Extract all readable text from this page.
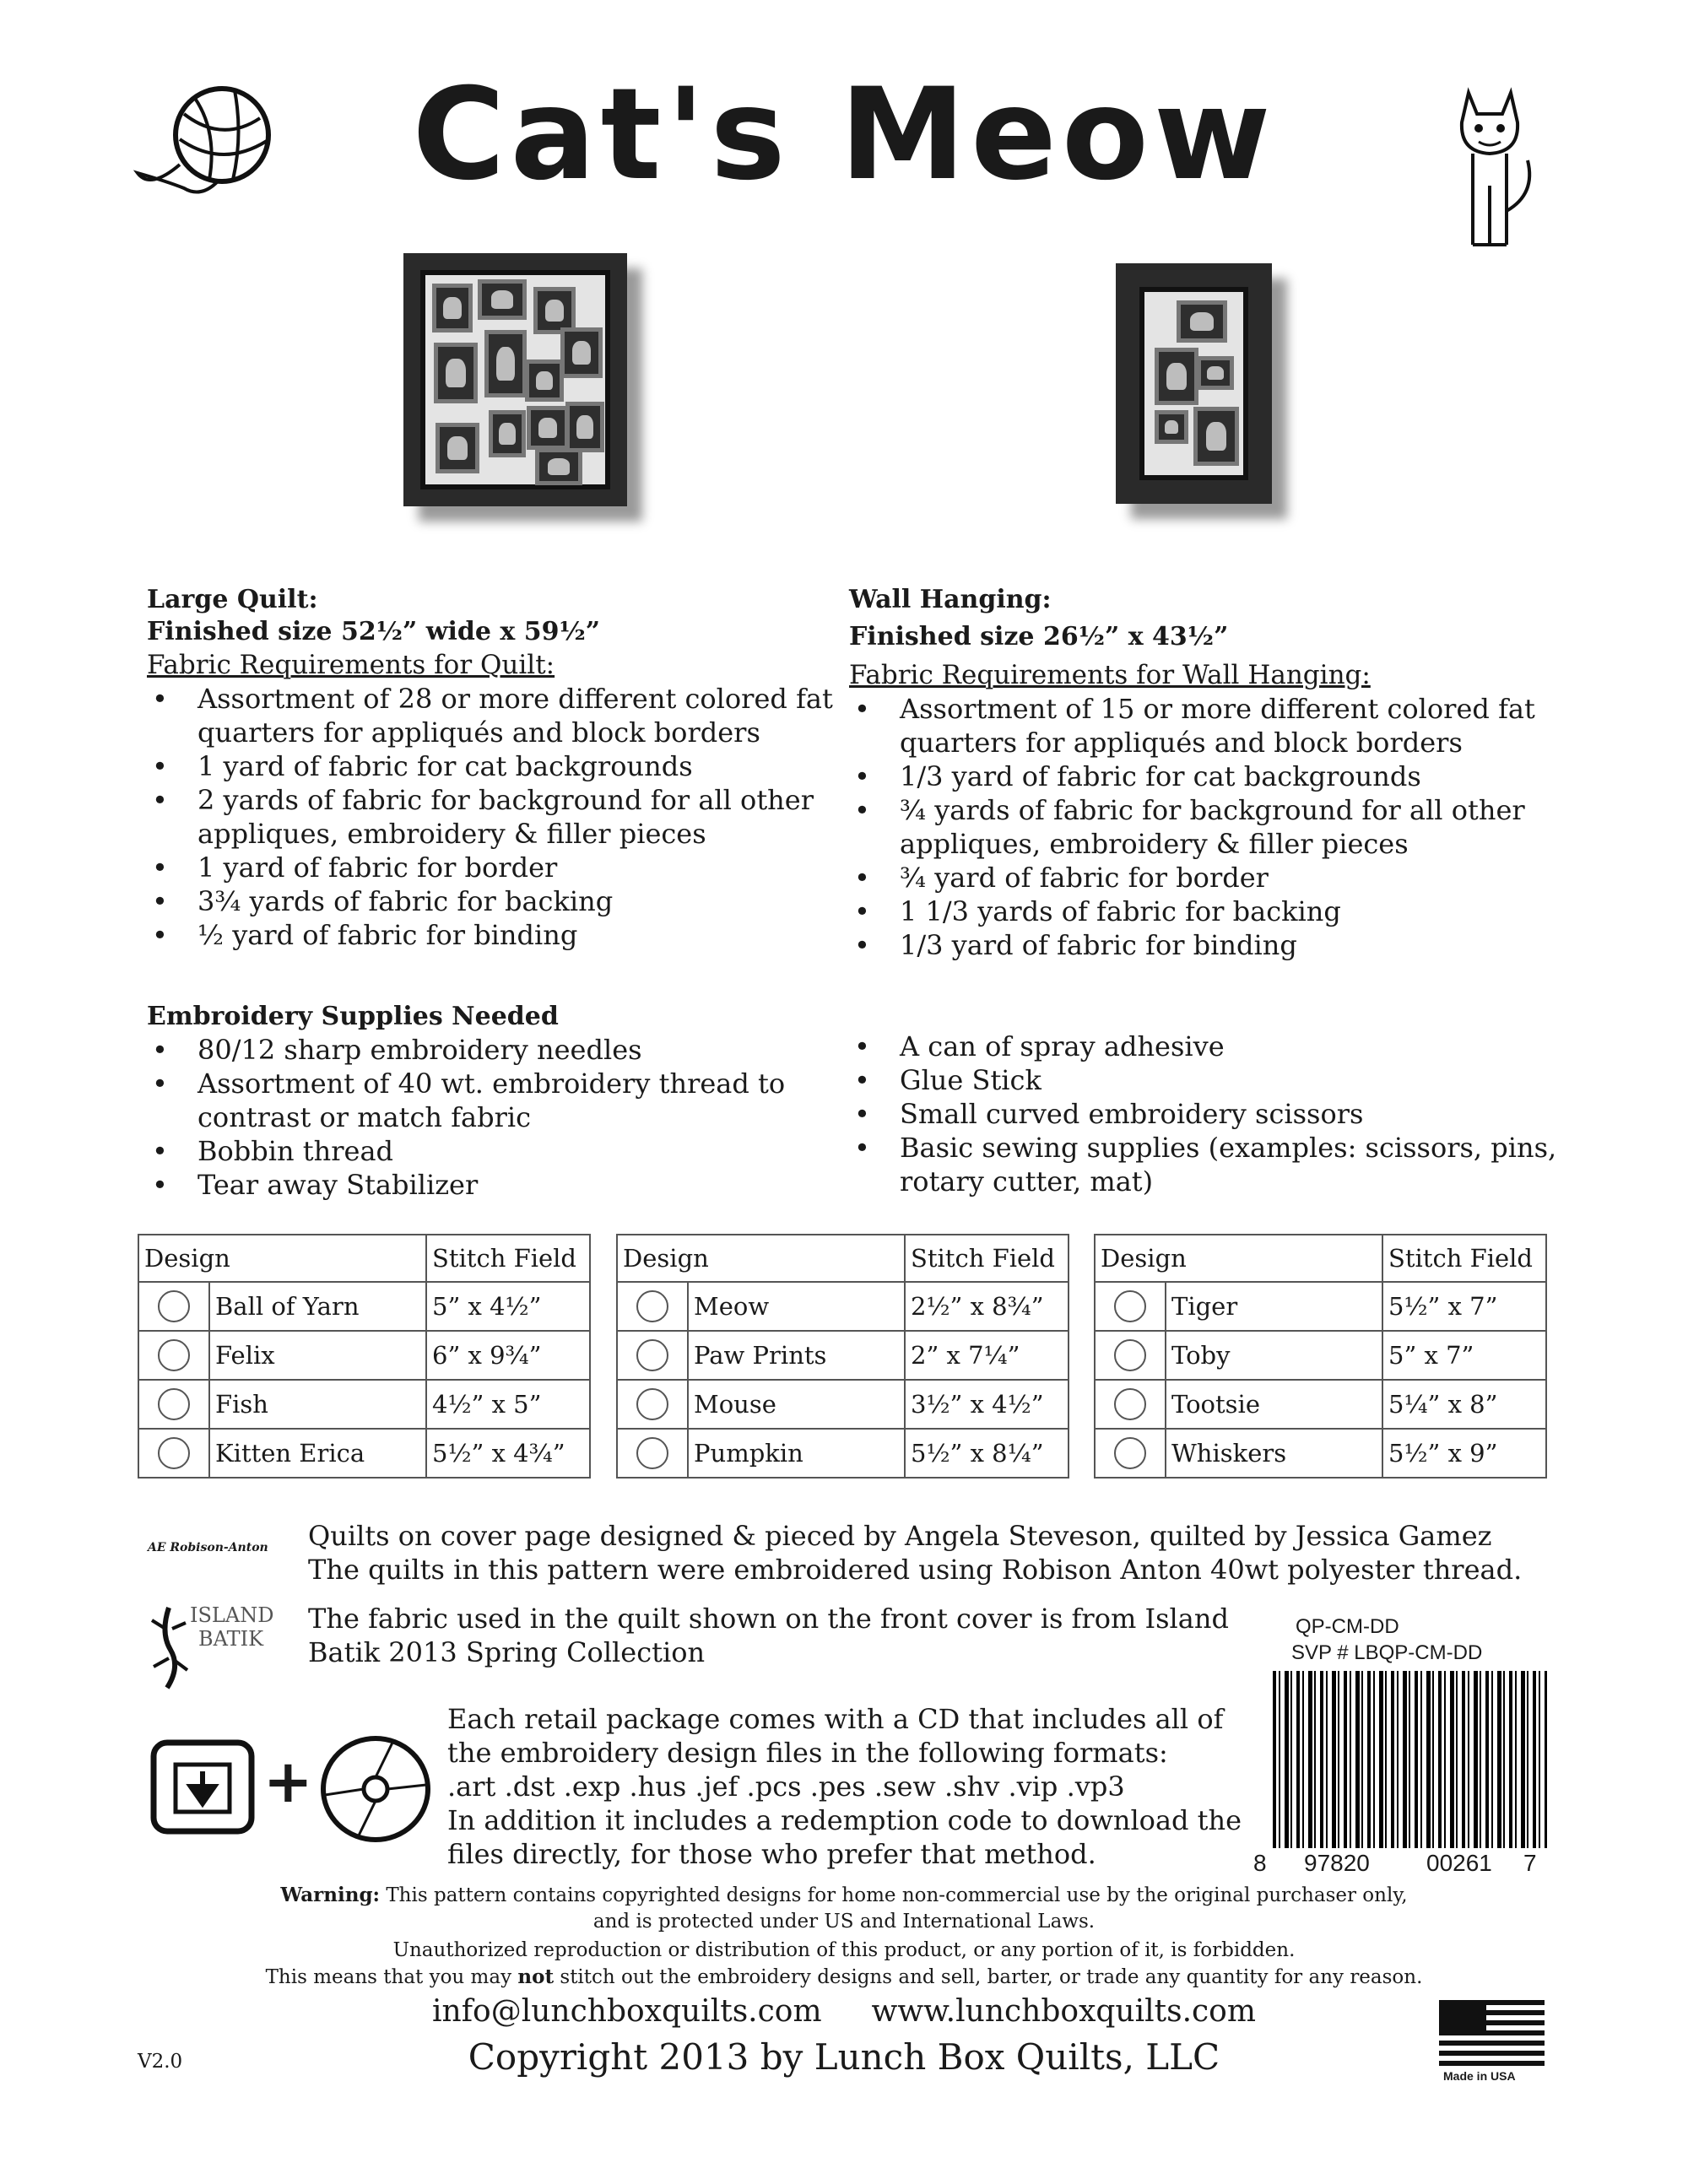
Cat's Meow
Large Quilt:
Finished size 52½” wide x 59½”
Fabric Requirements for Quilt:
• Assortment of 28 or more different colored fat quarters for appliqués and block borders
• 1 yard of fabric for cat backgrounds
• 2 yards of fabric for background for all other appliques, embroidery & filler pieces
• 1 yard of fabric for border
• 3¾ yards of fabric for backing
• ½ yard of fabric for binding
Wall Hanging:
Finished size 26½” x 43½”
Fabric Requirements for Wall Hanging:
• Assortment of 15 or more different colored fat quarters for appliqués and block borders
• 1/3 yard of fabric for cat backgrounds
• ¾ yards of fabric for background for all other appliques, embroidery & filler pieces
• ¾ yard of fabric for border
• 1 1/3 yards of fabric for backing
• 1/3 yard of fabric for binding
Embroidery Supplies Needed
• 80/12 sharp embroidery needles
• Assortment of 40 wt. embroidery thread to contrast or match fabric
• Bobbin thread
• Tear away Stabilizer
• A can of spray adhesive
• Glue Stick
• Small curved embroidery scissors
• Basic sewing supplies (examples: scissors, pins, rotary cutter, mat)
Design		Stitch Field
	Ball of Yarn	5” x 4½”
	Felix	6” x 9¾”
	Fish	4½” x 5”
	Kitten Erica	5½” x 4¾”
Design		Stitch Field
	Meow	2½” x 8¾”
	Paw Prints	2” x 7¼”
	Mouse	3½” x 4½”
	Pumpkin	5½” x 8¼”
Design		Stitch Field
	Tiger	5½” x 7”
	Toby	5” x 7”
	Tootsie	5¼” x 8”
	Whiskers	5½” x 9”
AE Robison-Anton Quilts on cover page designed & pieced by Angela Steveson, quilted by Jessica Gamez
The quilts in this pattern were embroidered using Robison Anton 40wt polyester thread.
ISLAND
BATIK
The fabric used in the quilt shown on the front cover is from Island
Batik 2013 Spring Collection
QP-CM-DD
SVP # LBQP-CM-DD
8 97820 00261 7
+
Each retail package comes with a CD that includes all of
the embroidery design files in the following formats:
.art .dst .exp .hus .jef .pcs .pes .sew .shv .vip .vp3
In addition it includes a redemption code to download the
files directly, for those who prefer that method.
Warning: This pattern contains copyrighted designs for home non-commercial use by the original purchaser only,
and is protected under US and International Laws.
Unauthorized reproduction or distribution of this product, or any portion of it, is forbidden.
This means that you may not stitch out the embroidery designs and sell, barter, or trade any quantity for any reason.
info@lunchboxquilts.com www.lunchboxquilts.com
V2.0	Copyright 2013 by Lunch Box Quilts, LLC	Made in USA
